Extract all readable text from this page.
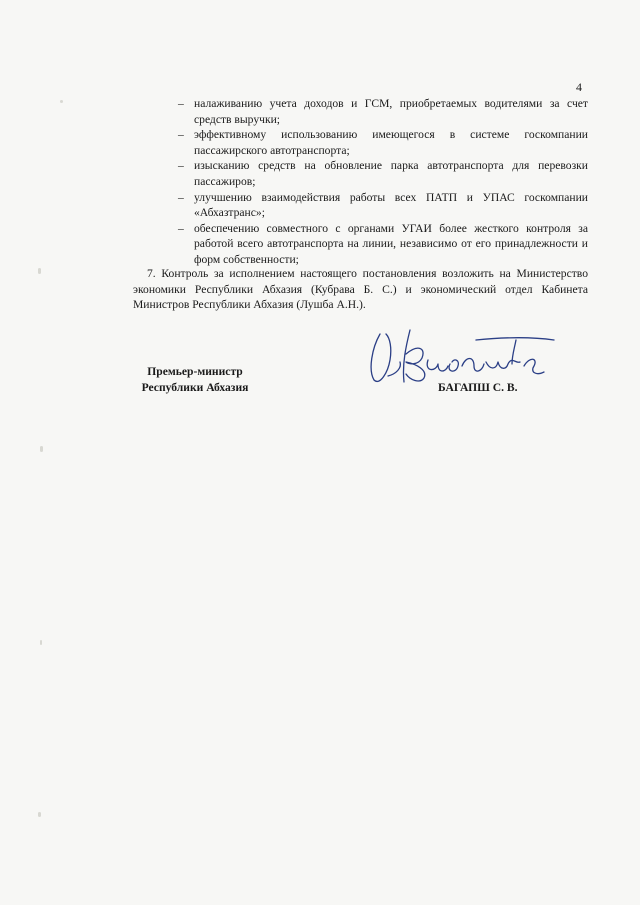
4
– налаживанию учета доходов и ГСМ, приобретаемых водителями за счет средств выручки;
– эффективному использованию имеющегося в системе госкомпании пассажирского автотранспорта;
– изысканию средств на обновление парка автотранспорта для перевозки пассажиров;
– улучшению взаимодействия работы всех ПАТП и УПАС госкомпании «Абхазтранс»;
– обеспечению совместного с органами УГАИ более жесткого контроля за работой всего автотранспорта на линии, независимо от его принадлежности и форм собственности;

7. Контроль за исполнением настоящего постановления возложить на Министерство экономики Республики Абхазия (Кубрава Б. С.) и экономический отдел Кабинета Министров Республики Абхазия (Лушба А.Н.).

Премьер-министр
Республики Абхазия	БАГАПШ С. В.
